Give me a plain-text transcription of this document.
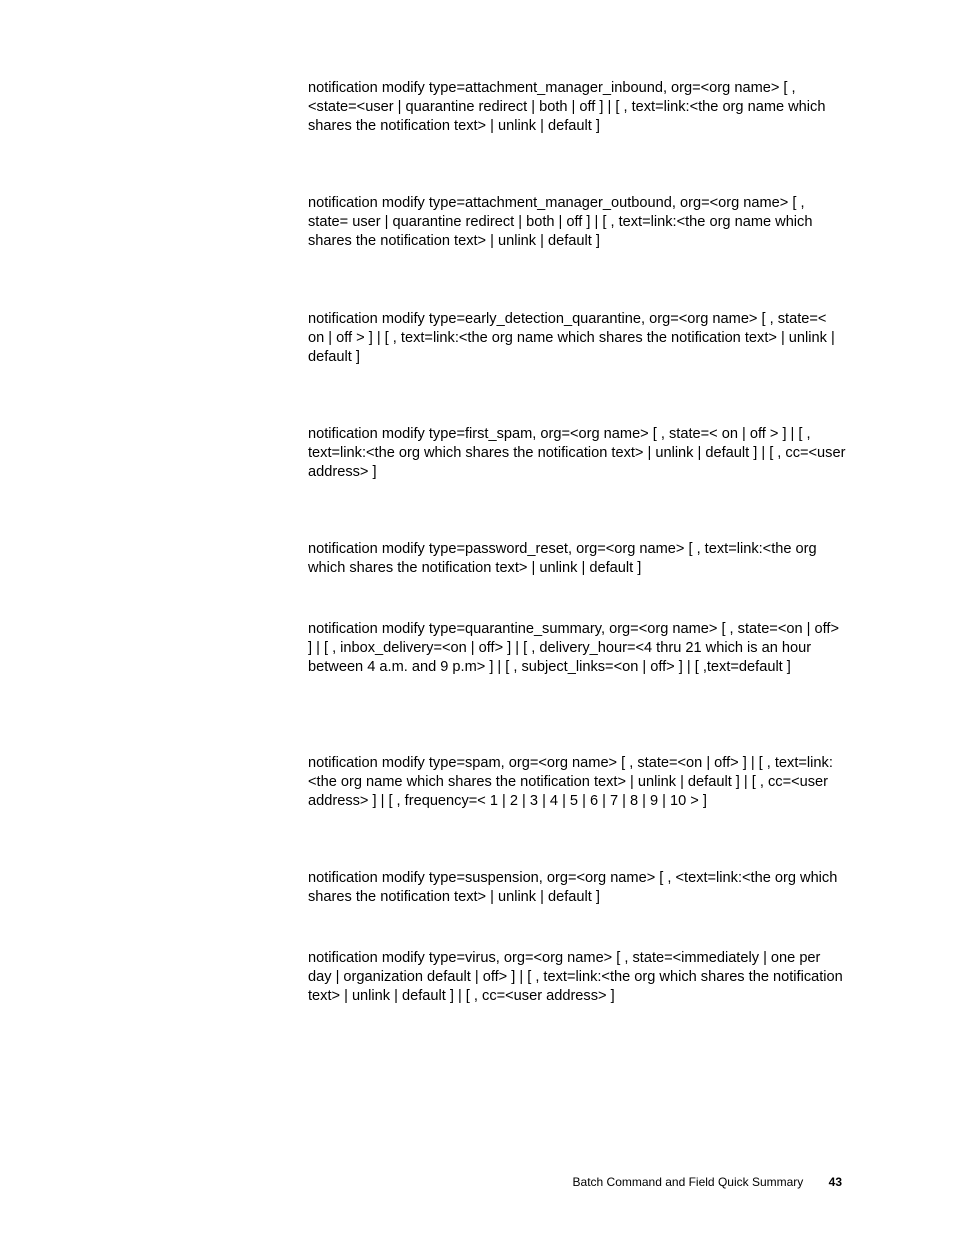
notification modify type=attachment_manager_inbound, org=<org name> [ , <state=<user | quarantine redirect | both | off ] | [ , text=link:<the org name which shares the notification text> | unlink | default ]

notification modify type=attachment_manager_outbound, org=<org name> [ , state= user | quarantine redirect | both | off ] | [ , text=link:<the org name which shares the notification text> | unlink | default ]

notification modify type=early_detection_quarantine, org=<org name> [ , state=< on | off > ] | [ , text=link:<the org name which shares the notification text> | unlink | default ]

notification modify type=first_spam, org=<org name> [ , state=< on | off > ] | [ , text=link:<the org which shares the notification text> | unlink | default ] | [ , cc=<user address> ]

notification modify type=password_reset, org=<org name> [ , text=link:<the org which shares the notification text> | unlink | default ]

notification modify type=quarantine_summary, org=<org name> [ , state=<on | off> ] | [ , inbox_delivery=<on | off> ] | [ , delivery_hour=<4 thru 21 which is an hour between 4 a.m. and 9 p.m> ] | [ , subject_links=<on | off> ] | [ ,text=default ]

notification modify type=spam, org=<org name> [ , state=<on | off> ] | [ , text=link:<the org name which shares the notification text> | unlink | default ] | [ , cc=<user address> ] | [ , frequency=< 1 | 2 | 3 | 4 | 5 | 6 | 7 | 8 | 9 | 10 > ]

notification modify type=suspension, org=<org name> [ , <text=link:<the org which shares the notification text> | unlink | default ]

notification modify type=virus, org=<org name> [ , state=<immediately | one per day | organization default | off> ] | [ , text=link:<the org which shares the notification text> | unlink | default ] | [ , cc=<user address> ]

Batch Command and Field Quick Summary 43
